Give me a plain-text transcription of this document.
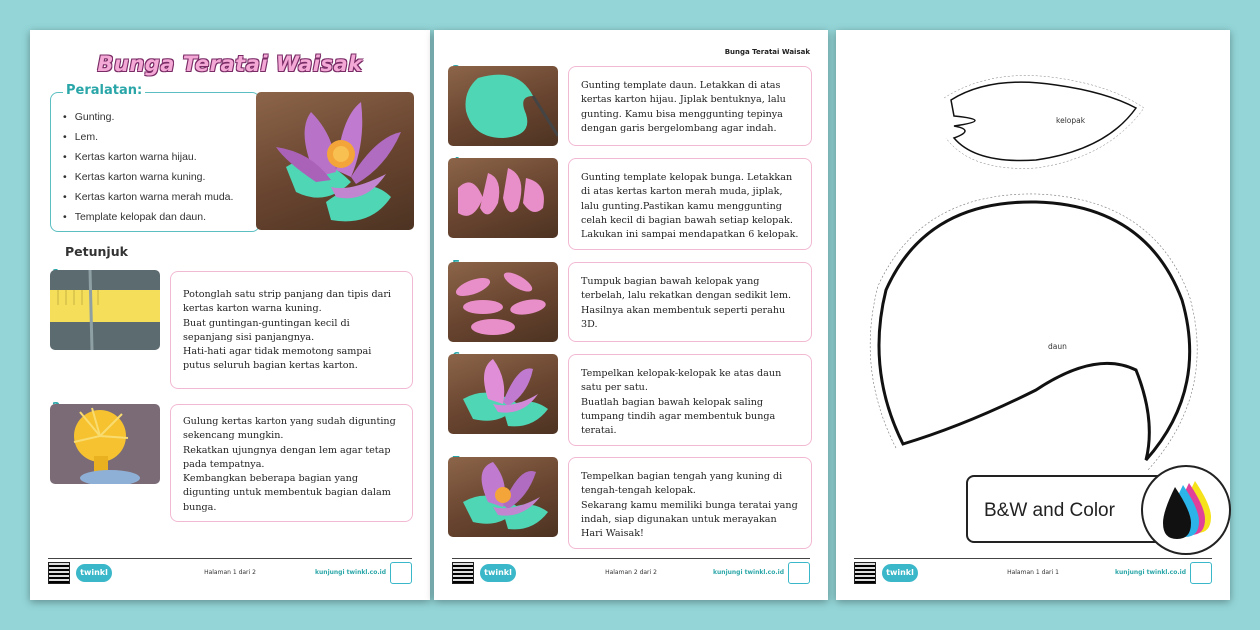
Bunga Teratai Waisak
Peralatan:
• Gunting.
• Lem.
• Kertas karton warna hijau.
• Kertas karton warna kuning.
• Kertas karton warna merah muda.
• Template kelopak dan daun.
Petunjuk
Potonglah satu strip panjang dan tipis dari
kertas karton warna kuning.
Buat guntingan-guntingan kecil di
sepanjang sisi panjangnya.
Hati-hati agar tidak memotong sampai
putus seluruh bagian kertas karton.
Gulung kertas karton yang sudah digunting
sekencang mungkin.
Rekatkan ujungnya dengan lem agar tetap
pada tempatnya.
Kembangkan beberapa bagian yang
digunting untuk membentuk bagian dalam
bunga.
twinkl	Halaman 1 dari 2	kunjungi twinkl.co.id
Bunga Teratai Waisak
Gunting template daun. Letakkan di atas
kertas karton hijau. Jiplak bentuknya, lalu
gunting. Kamu bisa menggunting tepinya
dengan garis bergelombang agar indah.
Gunting template kelopak bunga. Letakkan
di atas kertas karton merah muda, jiplak,
lalu gunting.Pastikan kamu menggunting
celah kecil di bagian bawah setiap kelopak.
Lakukan ini sampai mendapatkan 6 kelopak.
Tumpuk bagian bawah kelopak yang
terbelah, lalu rekatkan dengan sedikit lem.
Hasilnya akan membentuk seperti perahu
3D.
Tempelkan kelopak-kelopak ke atas daun
satu per satu.
Buatlah bagian bawah kelopak saling
tumpang tindih agar membentuk bunga
teratai.
Tempelkan bagian tengah yang kuning di
tengah-tengah kelopak.
Sekarang kamu memiliki bunga teratai yang
indah, siap digunakan untuk merayakan
Hari Waisak!
twinkl	Halaman 2 dari 2	kunjungi twinkl.co.id
kelopak
daun
twinkl	Halaman 1 dari 1	kunjungi twinkl.co.id
B&W and Color
